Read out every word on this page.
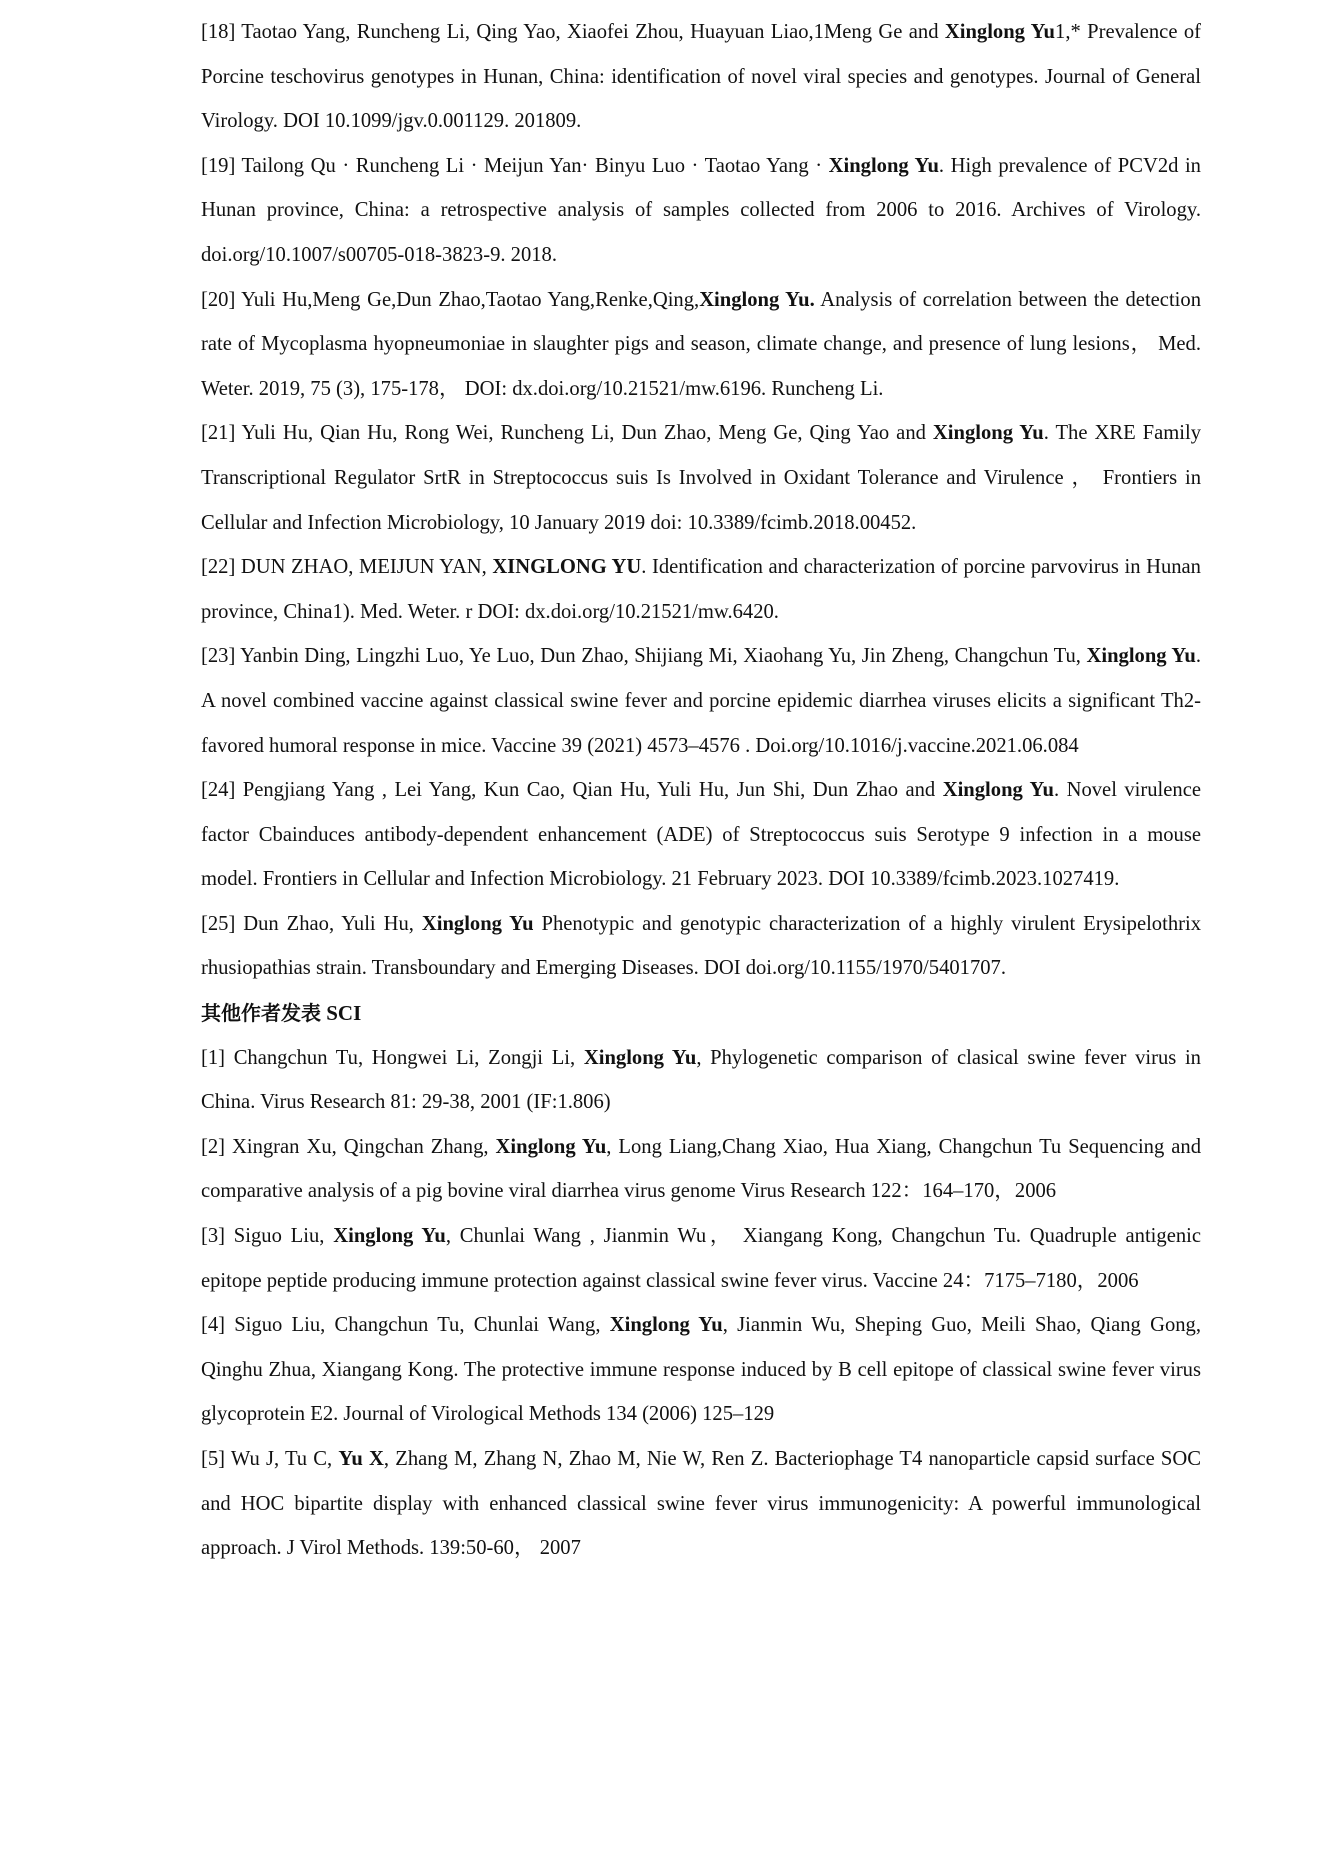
[18] Taotao Yang, Runcheng Li, Qing Yao, Xiaofei Zhou, Huayuan Liao,1Meng Ge and Xinglong Yu1,* Prevalence of Porcine teschovirus genotypes in Hunan, China: identification of novel viral species and genotypes. Journal of General Virology. DOI 10.1099/jgv.0.001129. 201809.

[19] Tailong Qu · Runcheng Li · Meijun Yan· Binyu Luo · Taotao Yang · Xinglong Yu. High prevalence of PCV2d in Hunan province, China: a retrospective analysis of samples collected from 2006 to 2016. Archives of Virology. doi.org/10.1007/s00705-018-3823-9. 2018.

[20] Yuli Hu,Meng Ge,Dun Zhao,Taotao Yang,Renke,Qing,Xinglong Yu. Analysis of correlation between the detection rate of Mycoplasma hyopneumoniae in slaughter pigs and season, climate change, and presence of lung lesions， Med. Weter. 2019, 75 (3), 175-178， DOI: dx.doi.org/10.21521/mw.6196. Runcheng Li.

[21] Yuli Hu, Qian Hu, Rong Wei, Runcheng Li, Dun Zhao, Meng Ge, Qing Yao and Xinglong Yu. The XRE Family Transcriptional Regulator SrtR in Streptococcus suis Is Involved in Oxidant Tolerance and Virulence ， Frontiers in Cellular and Infection Microbiology, 10 January 2019 doi: 10.3389/fcimb.2018.00452.

[22] DUN ZHAO, MEIJUN YAN, XINGLONG YU. Identification and characterization of porcine parvovirus in Hunan province, China1). Med. Weter. r DOI: dx.doi.org/10.21521/mw.6420.

[23] Yanbin Ding, Lingzhi Luo, Ye Luo, Dun Zhao, Shijiang Mi, Xiaohang Yu, Jin Zheng, Changchun Tu, Xinglong Yu. A novel combined vaccine against classical swine fever and porcine epidemic diarrhea viruses elicits a significant Th2-favored humoral response in mice. Vaccine 39 (2021) 4573–4576 . Doi.org/10.1016/j.vaccine.2021.06.084

[24] Pengjiang Yang , Lei Yang, Kun Cao, Qian Hu, Yuli Hu, Jun Shi, Dun Zhao and Xinglong Yu. Novel virulence factor Cbainduces antibody-dependent enhancement (ADE) of Streptococcus suis Serotype 9 infection in a mouse model. Frontiers in Cellular and Infection Microbiology. 21 February 2023. DOI 10.3389/fcimb.2023.1027419.

[25] Dun Zhao, Yuli Hu, Xinglong Yu Phenotypic and genotypic characterization of a highly virulent Erysipelothrix rhusiopathias strain. Transboundary and Emerging Diseases. DOI doi.org/10.1155/1970/5401707.

其他作者发表 SCI

[1] Changchun Tu, Hongwei Li, Zongji Li, Xinglong Yu, Phylogenetic comparison of clasical swine fever virus in China. Virus Research 81: 29-38, 2001 (IF:1.806)

[2] Xingran Xu, Qingchan Zhang, Xinglong Yu, Long Liang,Chang Xiao, Hua Xiang, Changchun Tu Sequencing and comparative analysis of a pig bovine viral diarrhea virus genome Virus Research 122：164–170，2006

[3] Siguo Liu, Xinglong Yu, Chunlai Wang , Jianmin Wu， Xiangang Kong, Changchun Tu. Quadruple antigenic epitope peptide producing immune protection against classical swine fever virus. Vaccine 24：7175–7180，2006

[4] Siguo Liu, Changchun Tu, Chunlai Wang, Xinglong Yu, Jianmin Wu, Sheping Guo, Meili Shao, Qiang Gong, Qinghu Zhua, Xiangang Kong. The protective immune response induced by B cell epitope of classical swine fever virus glycoprotein E2. Journal of Virological Methods 134 (2006) 125–129

[5] Wu J, Tu C, Yu X, Zhang M, Zhang N, Zhao M, Nie W, Ren Z. Bacteriophage T4 nanoparticle capsid surface SOC and HOC bipartite display with enhanced classical swine fever virus immunogenicity: A powerful immunological approach. J Virol Methods. 139:50-60， 2007
